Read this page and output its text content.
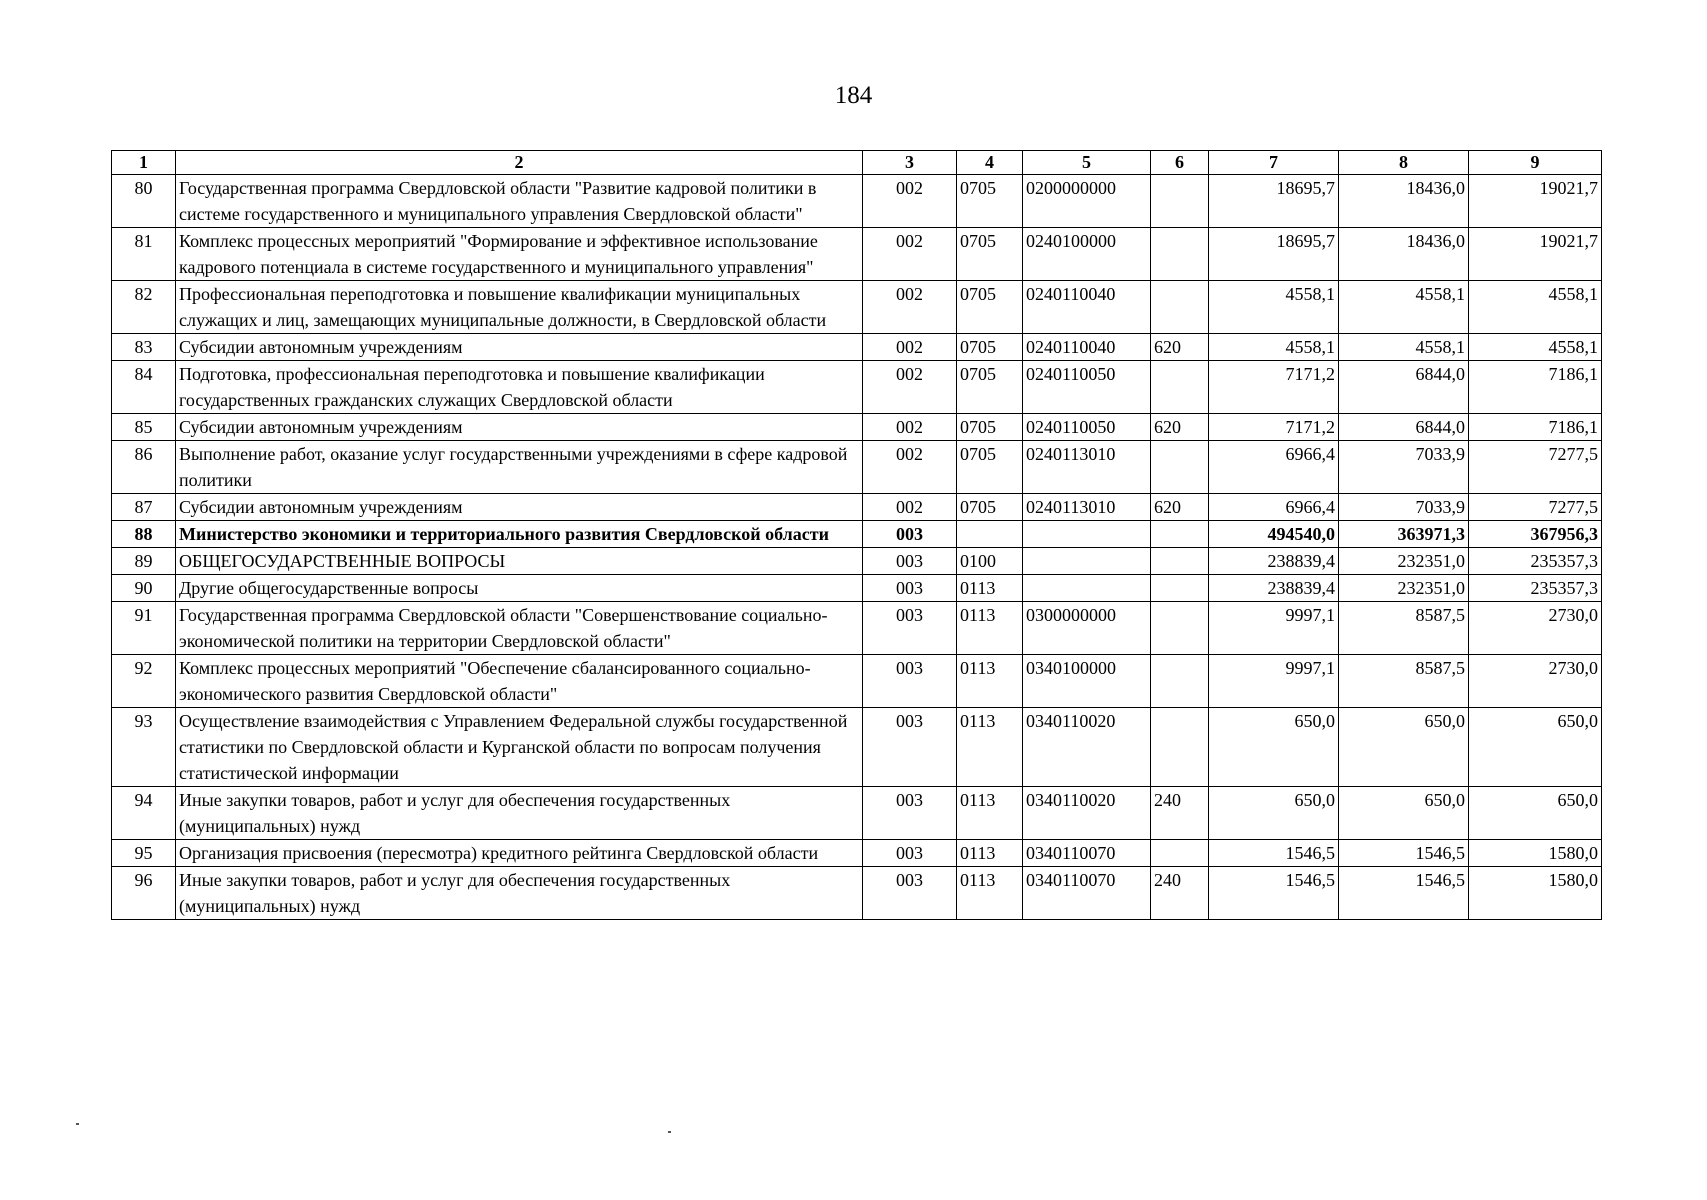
184
1	2	3	4	5	6	7	8	9
80	Государственная программа Свердловской области "Развитие кадровой политики в системе государственного и муниципального управления Свердловской области"	002	0705	0200000000		18695,7	18436,0	19021,7
81	Комплекс процессных мероприятий "Формирование и эффективное использование кадрового потенциала в системе государственного и муниципального управления"	002	0705	0240100000		18695,7	18436,0	19021,7
82	Профессиональная переподготовка и повышение квалификации муниципальных служащих и лиц, замещающих муниципальные должности, в Свердловской области	002	0705	0240110040		4558,1	4558,1	4558,1
83	Субсидии автономным учреждениям	002	0705	0240110040	620	4558,1	4558,1	4558,1
84	Подготовка, профессиональная переподготовка и повышение квалификации государственных гражданских служащих Свердловской области	002	0705	0240110050		7171,2	6844,0	7186,1
85	Субсидии автономным учреждениям	002	0705	0240110050	620	7171,2	6844,0	7186,1
86	Выполнение работ, оказание услуг государственными учреждениями в сфере кадровой политики	002	0705	0240113010		6966,4	7033,9	7277,5
87	Субсидии автономным учреждениям	002	0705	0240113010	620	6966,4	7033,9	7277,5
88	Министерство экономики и территориального развития Свердловской области	003				494540,0	363971,3	367956,3
89	ОБЩЕГОСУДАРСТВЕННЫЕ ВОПРОСЫ	003	0100			238839,4	232351,0	235357,3
90	Другие общегосударственные вопросы	003	0113			238839,4	232351,0	235357,3
91	Государственная программа Свердловской области "Совершенствование социально-экономической политики на территории Свердловской области"	003	0113	0300000000		9997,1	8587,5	2730,0
92	Комплекс процессных мероприятий "Обеспечение сбалансированного социально-экономического развития Свердловской области"	003	0113	0340100000		9997,1	8587,5	2730,0
93	Осуществление взаимодействия с Управлением Федеральной службы государственной статистики по Свердловской области и Курганской области по вопросам получения статистической информации	003	0113	0340110020		650,0	650,0	650,0
94	Иные закупки товаров, работ и услуг для обеспечения государственных (муниципальных) нужд	003	0113	0340110020	240	650,0	650,0	650,0
95	Организация присвоения (пересмотра) кредитного рейтинга Свердловской области	003	0113	0340110070		1546,5	1546,5	1580,0
96	Иные закупки товаров, работ и услуг для обеспечения государственных (муниципальных) нужд	003	0113	0340110070	240	1546,5	1546,5	1580,0
